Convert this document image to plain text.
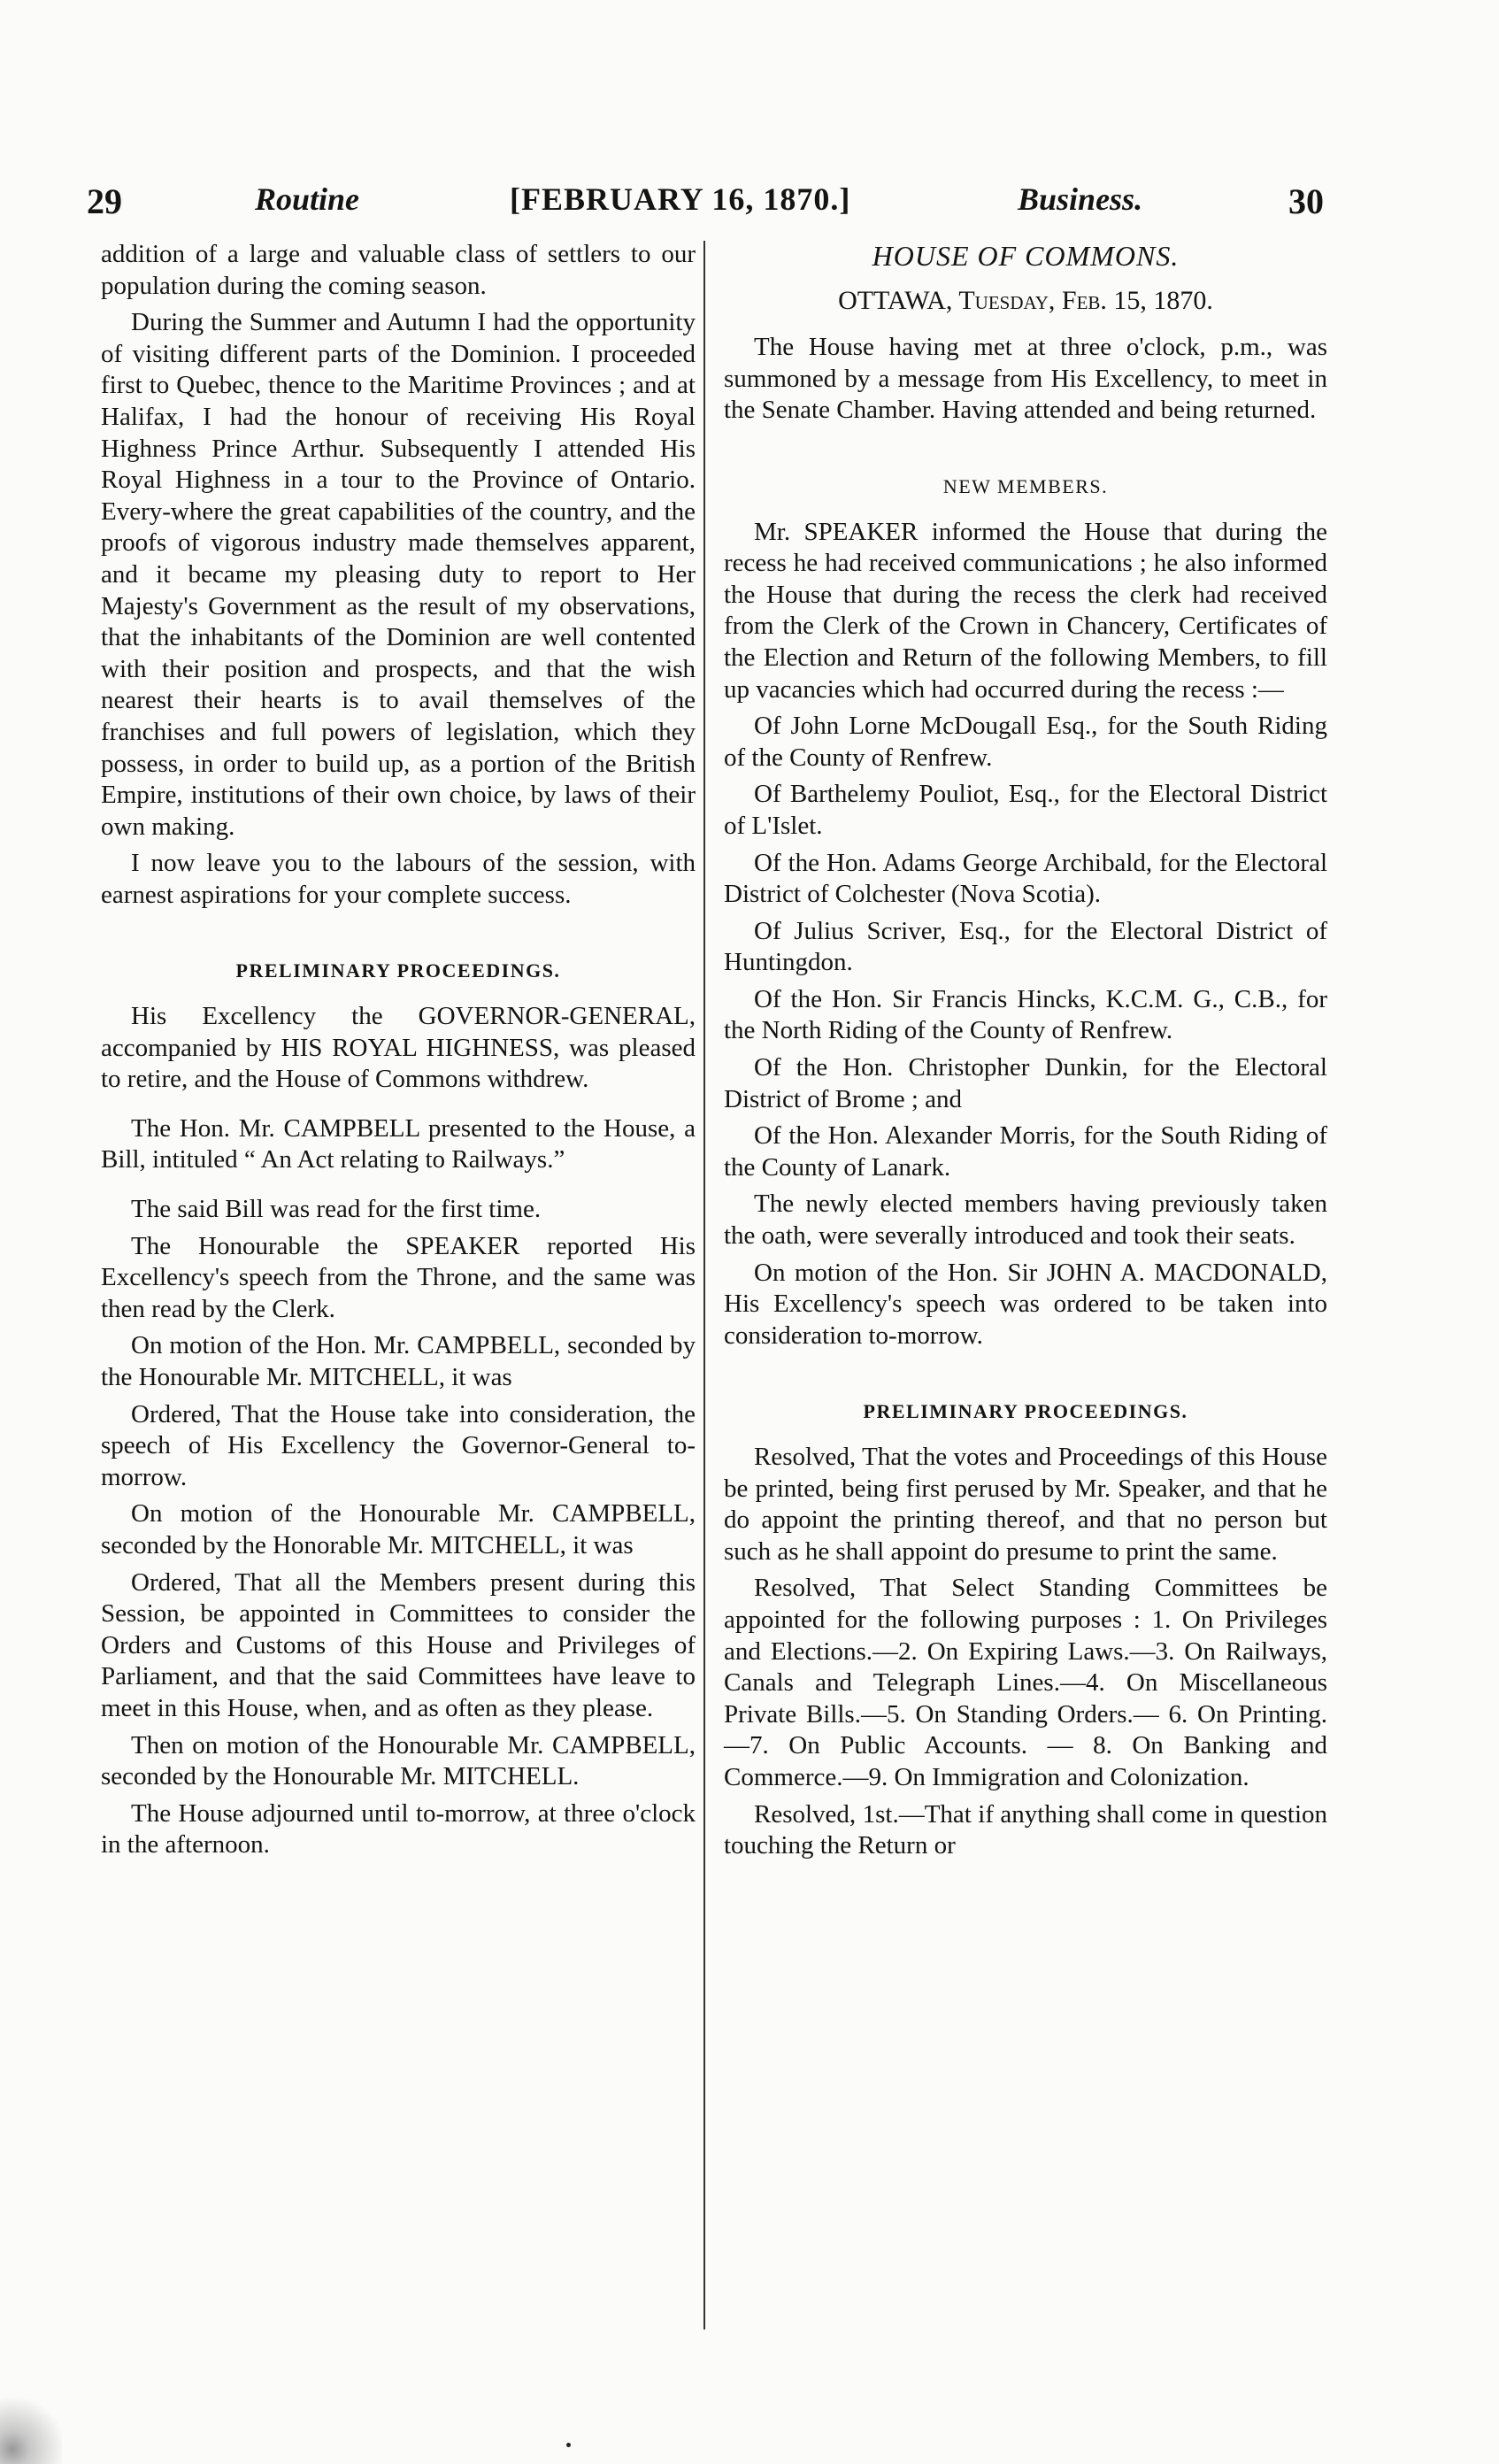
29	Routine	[FEBRUARY 16, 1870.]	Business.	30

addition of a large and valuable class of settlers to our population during the coming season.

During the Summer and Autumn I had the opportunity of visiting different parts of the Dominion. I proceeded first to Quebec, thence to the Maritime Provinces ; and at Halifax, I had the honour of receiving His Royal Highness Prince Arthur. Subsequently I attended His Royal Highness in a tour to the Province of Ontario. Every-where the great capabilities of the country, and the proofs of vigorous industry made themselves apparent, and it became my pleasing duty to report to Her Majesty's Government as the result of my observations, that the inhabitants of the Dominion are well contented with their position and prospects, and that the wish nearest their hearts is to avail themselves of the franchises and full powers of legislation, which they possess, in order to build up, as a portion of the British Empire, institutions of their own choice, by laws of their own making.

I now leave you to the labours of the session, with earnest aspirations for your complete success.

PRELIMINARY PROCEEDINGS.

His Excellency the GOVERNOR-GENERAL, accompanied by HIS ROYAL HIGHNESS, was pleased to retire, and the House of Commons withdrew.

The Hon. Mr. CAMPBELL presented to the House, a Bill, intituled “ An Act relating to Railways.”

The said Bill was read for the first time.

The Honourable the SPEAKER reported His Excellency's speech from the Throne, and the same was then read by the Clerk.

On motion of the Hon. Mr. CAMPBELL, seconded by the Honourable Mr. MITCHELL, it was

Ordered, That the House take into consideration, the speech of His Excellency the Governor-General to-morrow.

On motion of the Honourable Mr. CAMPBELL, seconded by the Honorable Mr. MITCHELL, it was

Ordered, That all the Members present during this Session, be appointed in Committees to consider the Orders and Customs of this House and Privileges of Parliament, and that the said Committees have leave to meet in this House, when, and as often as they please.

Then on motion of the Honourable Mr. CAMPBELL, seconded by the Honourable Mr. MITCHELL.

The House adjourned until to-morrow, at three o'clock in the afternoon.

HOUSE OF COMMONS.
OTTAWA, Tuesday, Feb. 15, 1870.

The House having met at three o'clock, p.m., was summoned by a message from His Excellency, to meet in the Senate Chamber. Having attended and being returned.

NEW MEMBERS.

Mr. SPEAKER informed the House that during the recess he had received communications ; he also informed the House that during the recess the clerk had received from the Clerk of the Crown in Chancery, Certificates of the Election and Return of the following Members, to fill up vacancies which had occurred during the recess :—

Of John Lorne McDougall Esq., for the South Riding of the County of Renfrew.

Of Barthelemy Pouliot, Esq., for the Electoral District of L'Islet.

Of the Hon. Adams George Archibald, for the Electoral District of Colchester (Nova Scotia).

Of Julius Scriver, Esq., for the Electoral District of Huntingdon.

Of the Hon. Sir Francis Hincks, K.C.M. G., C.B., for the North Riding of the County of Renfrew.

Of the Hon. Christopher Dunkin, for the Electoral District of Brome ; and

Of the Hon. Alexander Morris, for the South Riding of the County of Lanark.

The newly elected members having previously taken the oath, were severally introduced and took their seats.

On motion of the Hon. Sir JOHN A. MACDONALD, His Excellency's speech was ordered to be taken into consideration to-morrow.

PRELIMINARY PROCEEDINGS.

Resolved, That the votes and Proceedings of this House be printed, being first perused by Mr. Speaker, and that he do appoint the printing thereof, and that no person but such as he shall appoint do presume to print the same.

Resolved, That Select Standing Committees be appointed for the following purposes : 1. On Privileges and Elections.—2. On Expiring Laws.—3. On Railways, Canals and Telegraph Lines.—4. On Miscellaneous Private Bills.—5. On Standing Orders.— 6. On Printing.—7. On Public Accounts. — 8. On Banking and Commerce.—9. On Immigration and Colonization.

Resolved, 1st.—That if anything shall come in question touching the Return or
